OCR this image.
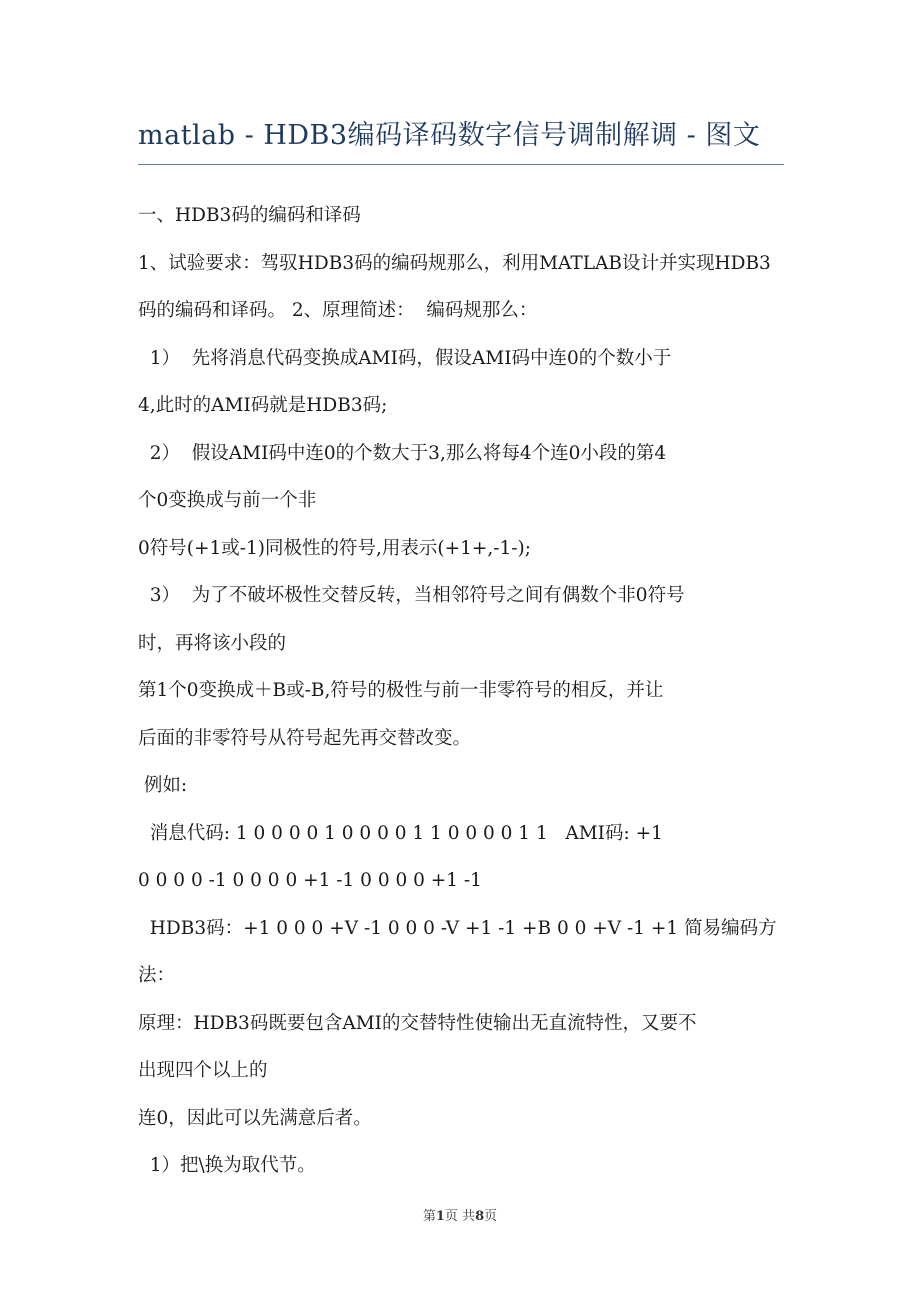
matlab - HDB3编码译码数字信号调制解调 - 图文

一、HDB3码的编码和译码

1、试验要求：驾驭HDB3码的编码规那么，利用MATLAB设计并实现HDB3

码的编码和译码。 2、原理简述：  编码规那么：

1）  先将消息代码变换成AMI码，假设AMI码中连0的个数小于

4,此时的AMI码就是HDB3码;

2）  假设AMI码中连0的个数大于3,那么将每4个连0小段的第4

个0变换成与前一个非

0符号(+1或-1)同极性的符号,用表示(+1+,-1-);

3）  为了不破坏极性交替反转，当相邻符号之间有偶数个非0符号

时，再将该小段的

第1个0变换成＋B或-B,符号的极性与前一非零符号的相反，并让

后面的非零符号从符号起先再交替改变。

例如:

消息代码: 1 0 0 0 0 1 0 0 0 0 1 1 0 0 0 0 1 1   AMI码: +1

0 0 0 0 -1 0 0 0 0 +1 -1 0 0 0 0 +1 -1

HDB3码：+1 0 0 0 +V -1 0 0 0 -V +1 -1 +B 0 0 +V -1 +1 简易编码方法：

原理：HDB3码既要包含AMI的交替特性使输出无直流特性，又要不

出现四个以上的

连0，因此可以先满意后者。

1）把\换为取代节。

第1页 共8页
